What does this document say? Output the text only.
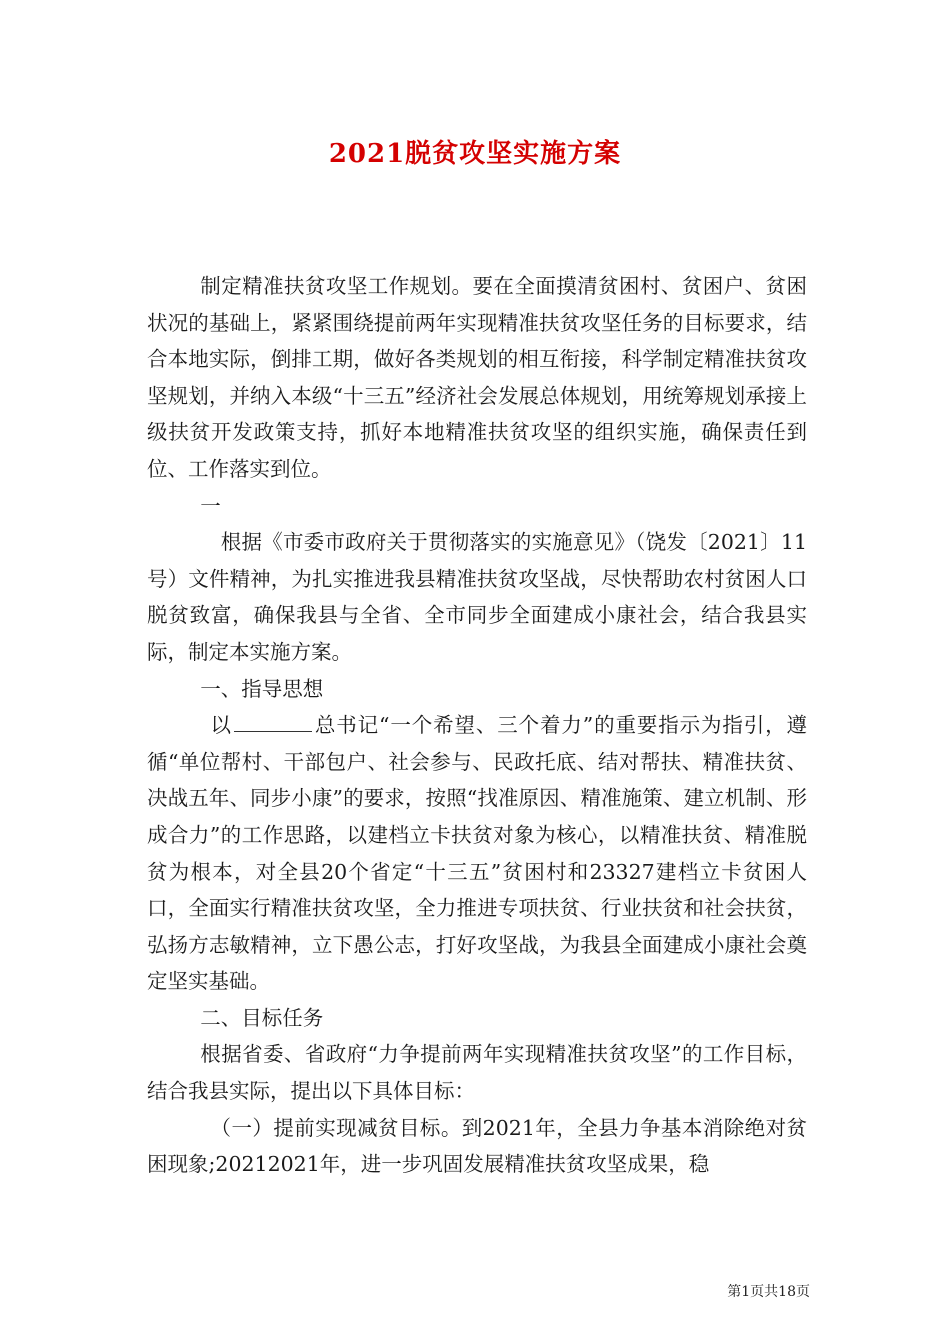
2021脱贫攻坚实施方案

制定精准扶贫攻坚工作规划。要在全面摸清贫困村、贫困户、贫困状况的基础上，紧紧围绕提前两年实现精准扶贫攻坚任务的目标要求，结合本地实际，倒排工期，做好各类规划的相互衔接，科学制定精准扶贫攻坚规划，并纳入本级“十三五”经济社会发展总体规划，用统筹规划承接上级扶贫开发政策支持，抓好本地精准扶贫攻坚的组织实施，确保责任到位、工作落实到位。

一

根据《市委市政府关于贯彻落实的实施意见》（饶发〔2021〕11号）文件精神，为扎实推进我县精准扶贫攻坚战，尽快帮助农村贫困人口脱贫致富，确保我县与全省、全市同步全面建成小康社会，结合我县实际，制定本实施方案。

一、指导思想

以	总书记“一个希望、三个着力”的重要指示为指引，遵循“单位帮村、干部包户、社会参与、民政托底、结对帮扶、精准扶贫、决战五年、同步小康”的要求，按照“找准原因、精准施策、建立机制、形成合力”的工作思路，以建档立卡扶贫对象为核心，以精准扶贫、精准脱贫为根本，对全县20个省定“十三五”贫困村和23327建档立卡贫困人口，全面实行精准扶贫攻坚，全力推进专项扶贫、行业扶贫和社会扶贫，弘扬方志敏精神，立下愚公志，打好攻坚战，为我县全面建成小康社会奠定坚实基础。

二、目标任务

根据省委、省政府“力争提前两年实现精准扶贫攻坚”的工作目标，结合我县实际，提出以下具体目标：

（一）提前实现减贫目标。到2021年，全县力争基本消除绝对贫困现象;20212021年，进一步巩固发展精准扶贫攻坚成果，稳

第1页共18页
